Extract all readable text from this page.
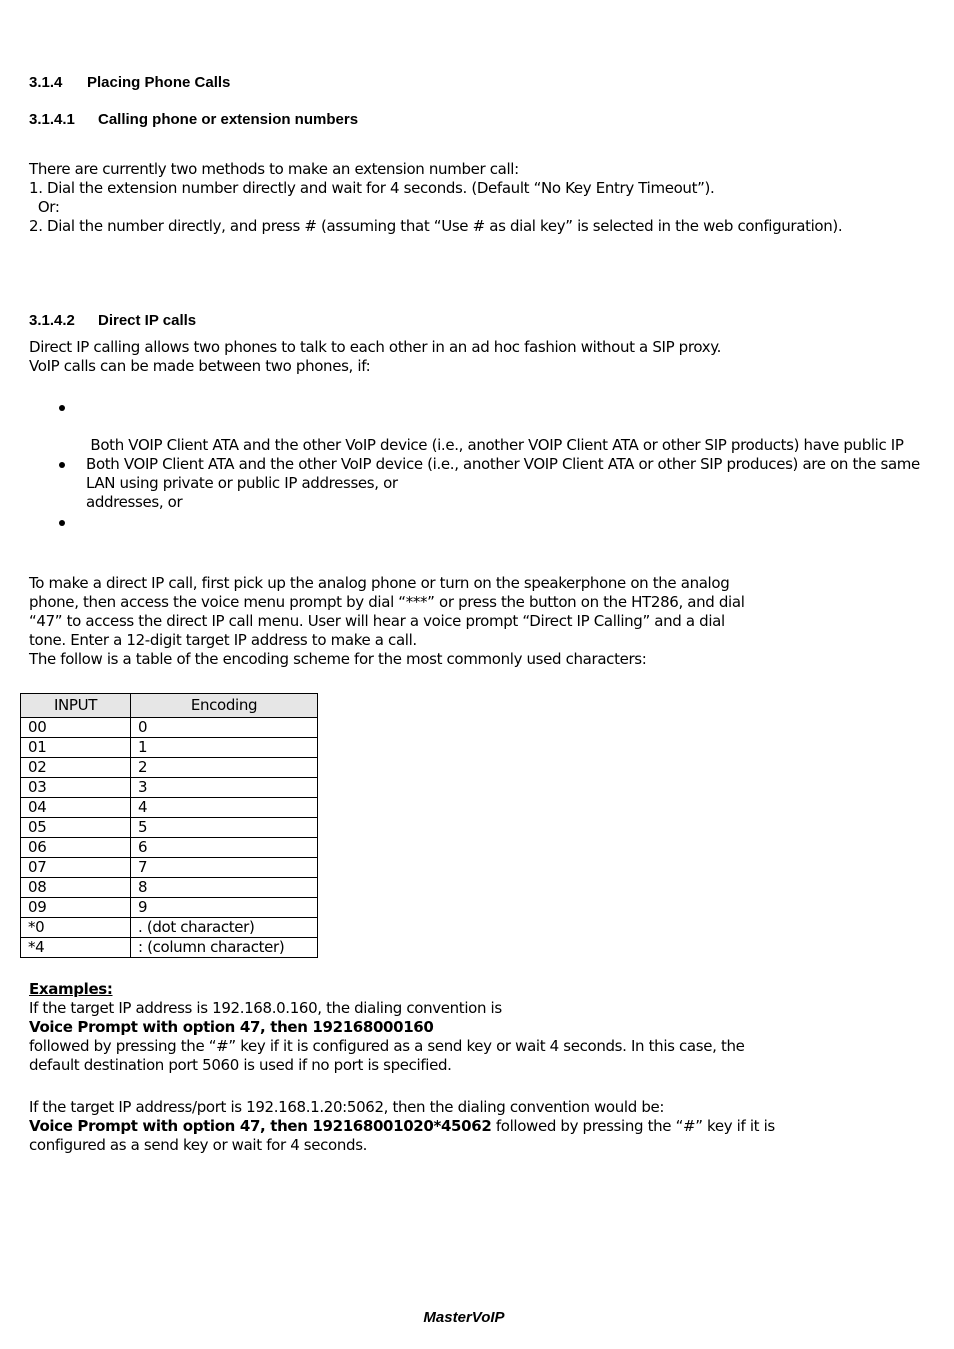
3.1.4 Placing Phone Calls
3.1.4.1 Calling phone or extension numbers
There are currently two methods to make an extension number call:
1. Dial the extension number directly and wait for 4 seconds. (Default “No Key Entry Timeout”).
Or:
2. Dial the number directly, and press # (assuming that “Use # as dial key” is selected in the web configuration).
3.1.4.2 Direct IP calls
Direct IP calling allows two phones to talk to each other in an ad hoc fashion without a SIP proxy.
VoIP calls can be made between two phones, if:

Both VOIP Client ATA and the other VoIP device (i.e., another VOIP Client ATA or other SIP products) have public IP

addresses, or

Both VOIP Client ATA and the other VoIP device (i.e., another VOIP Client ATA or other SIP produces) are on the same
LAN using private or public IP addresses, or
To make a direct IP call, first pick up the analog phone or turn on the speakerphone on the analog
phone, then access the voice menu prompt by dial “***” or press the button on the HT286, and dial
“47” to access the direct IP call menu. User will hear a voice prompt “Direct IP Calling” and a dial
tone. Enter a 12-digit target IP address to make a call.
The follow is a table of the encoding scheme for the most commonly used characters:
INPUT	Encoding
00	0
01	1
02	2
03	3
04	4
05	5
06	6
07	7
08	8
09	9
*0	. (dot character)
*4	: (column character)
Examples:
If the target IP address is 192.168.0.160, the dialing convention is
Voice Prompt with option 47, then 192168000160
followed by pressing the “#” key if it is configured as a send key or wait 4 seconds. In this case, the
default destination port 5060 is used if no port is specified.
If the target IP address/port is 192.168.1.20:5062, then the dialing convention would be:
Voice Prompt with option 47, then 192168001020*45062 followed by pressing the “#” key if it is
configured as a send key or wait for 4 seconds.
MasterVoIP
